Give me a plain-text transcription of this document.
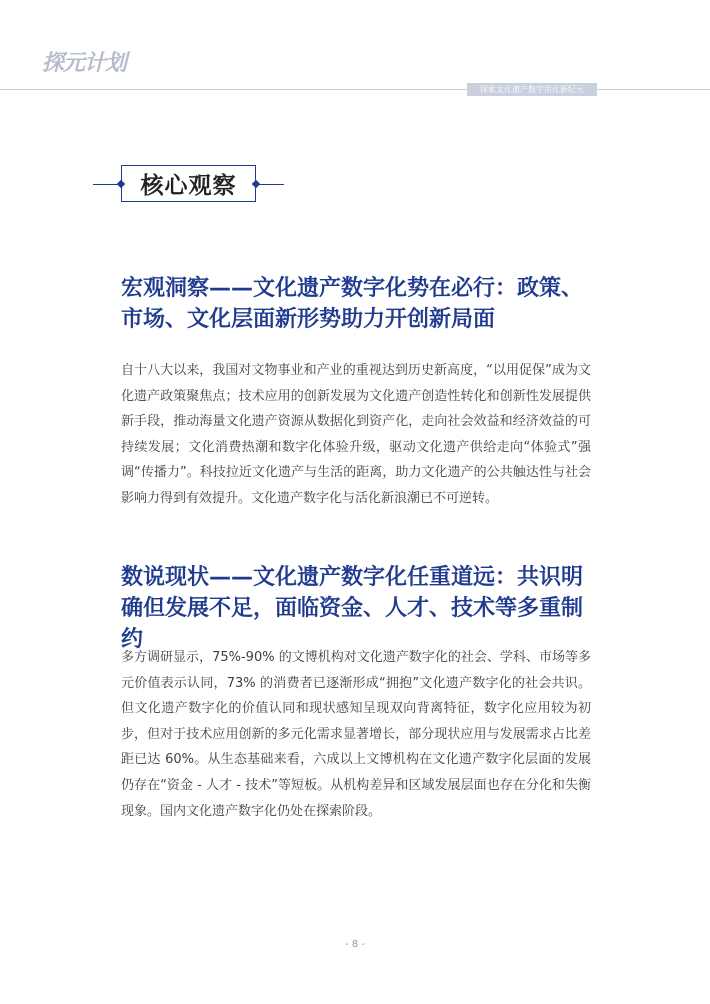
探元计划
探索文化遗产数字活化新纪元
核心观察
宏观洞察——文化遗产数字化势在必行：政策、市场、文化层面新形势助力开创新局面

自十八大以来，我国对文物事业和产业的重视达到历史新高度，“以用促保”成为文化遗产政策聚焦点；技术应用的创新发展为文化遗产创造性转化和创新性发展提供新手段，推动海量文化遗产资源从数据化到资产化，走向社会效益和经济效益的可持续发展；文化消费热潮和数字化体验升级，驱动文化遗产供给走向“体验式”强调“传播力”。科技拉近文化遗产与生活的距离，助力文化遗产的公共触达性与社会影响力得到有效提升。文化遗产数字化与活化新浪潮已不可逆转。

数说现状——文化遗产数字化任重道远：共识明确但发展不足，面临资金、人才、技术等多重制约

多方调研显示，75%-90% 的文博机构对文化遗产数字化的社会、学科、市场等多元价值表示认同，73% 的消费者已逐渐形成“拥抱”文化遗产数字化的社会共识。但文化遗产数字化的价值认同和现状感知呈现双向背离特征，数字化应用较为初步，但对于技术应用创新的多元化需求显著增长，部分现状应用与发展需求占比差距已达 60%。从生态基础来看，六成以上文博机构在文化遗产数字化层面的发展仍存在“资金 - 人才 - 技术”等短板。从机构差异和区域发展层面也存在分化和失衡现象。国内文化遗产数字化仍处在探索阶段。

- 8 -
